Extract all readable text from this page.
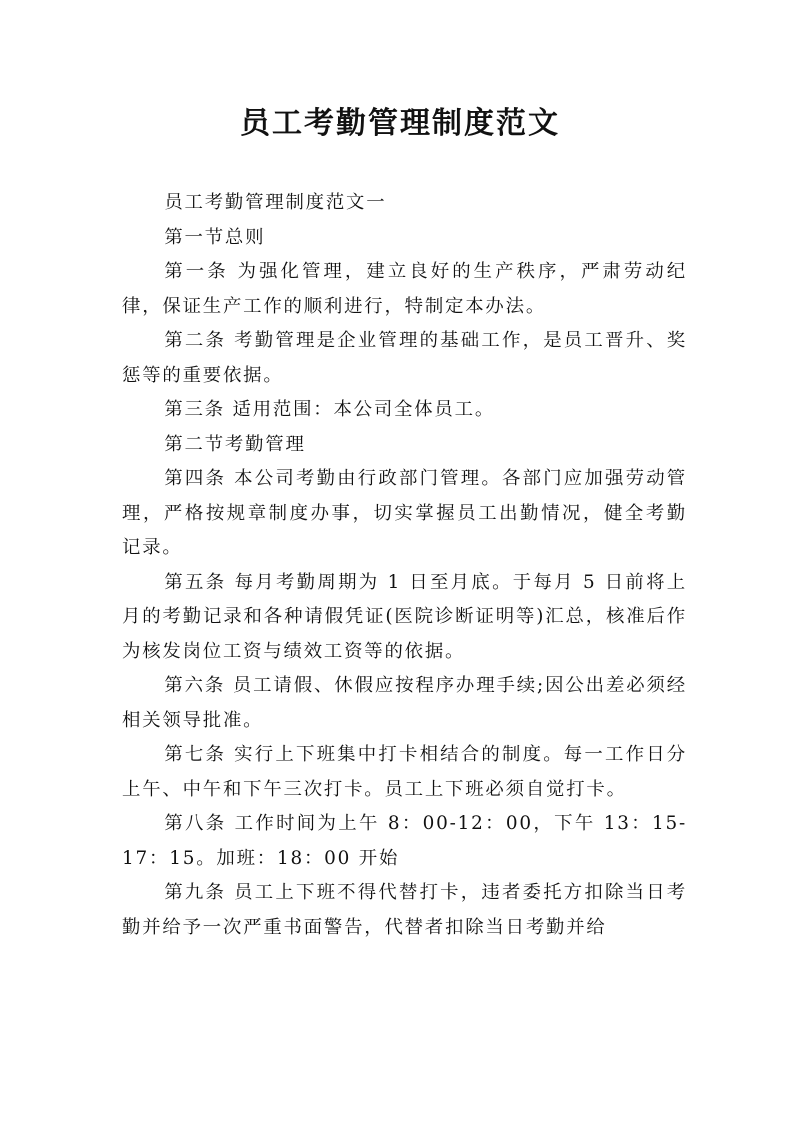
员工考勤管理制度范文

员工考勤管理制度范文一

第一节总则

第一条 为强化管理，建立良好的生产秩序，严肃劳动纪律，保证生产工作的顺利进行，特制定本办法。

第二条 考勤管理是企业管理的基础工作，是员工晋升、奖惩等的重要依据。

第三条 适用范围：本公司全体员工。

第二节考勤管理

第四条 本公司考勤由行政部门管理。各部门应加强劳动管理，严格按规章制度办事，切实掌握员工出勤情况，健全考勤记录。

第五条 每月考勤周期为 1 日至月底。于每月 5 日前将上月的考勤记录和各种请假凭证(医院诊断证明等)汇总，核准后作为核发岗位工资与绩效工资等的依据。

第六条 员工请假、休假应按程序办理手续;因公出差必须经相关领导批准。

第七条 实行上下班集中打卡相结合的制度。每一工作日分上午、中午和下午三次打卡。员工上下班必须自觉打卡。

第八条 工作时间为上午 8：00-12：00，下午 13：15-17：15。加班：18：00 开始

第九条 员工上下班不得代替打卡，违者委托方扣除当日考勤并给予一次严重书面警告，代替者扣除当日考勤并给
